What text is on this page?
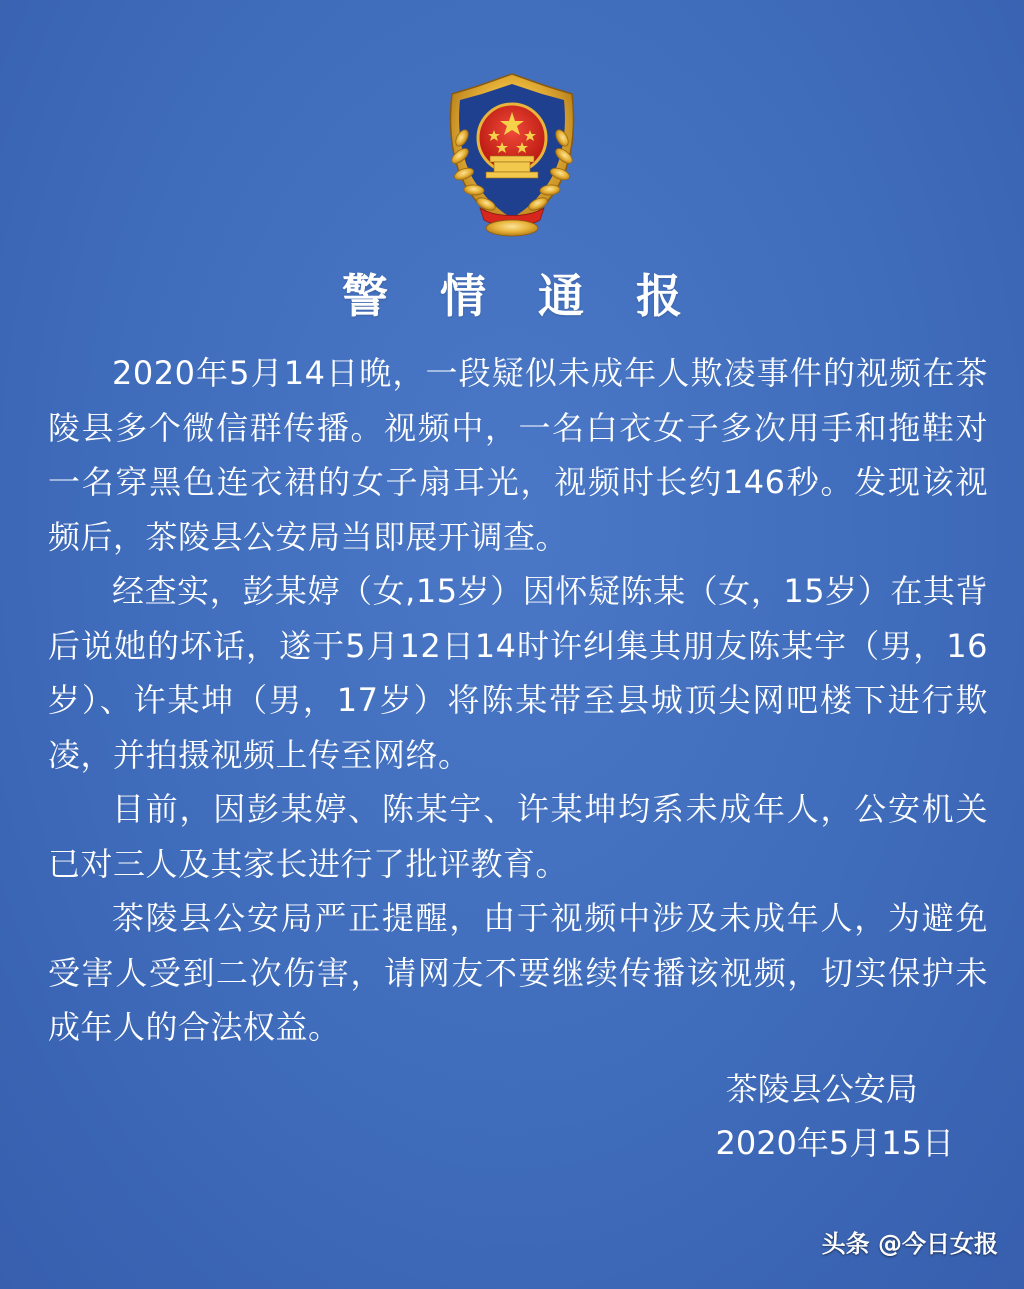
警 情 通 报

2020年5月14日晚，一段疑似未成年人欺凌事件的视频在茶陵县多个微信群传播。视频中，一名白衣女子多次用手和拖鞋对一名穿黑色连衣裙的女子扇耳光，视频时长约146秒。发现该视频后，茶陵县公安局当即展开调查。

经查实，彭某婷（女,15岁）因怀疑陈某（女，15岁）在其背后说她的坏话，遂于5月12日14时许纠集其朋友陈某宇（男，16岁）、许某坤（男，17岁）将陈某带至县城顶尖网吧楼下进行欺凌，并拍摄视频上传至网络。

目前，因彭某婷、陈某宇、许某坤均系未成年人，公安机关已对三人及其家长进行了批评教育。

茶陵县公安局严正提醒，由于视频中涉及未成年人，为避免受害人受到二次伤害，请网友不要继续传播该视频，切实保护未成年人的合法权益。

茶陵县公安局
2020年5月15日
头条 @今日女报
